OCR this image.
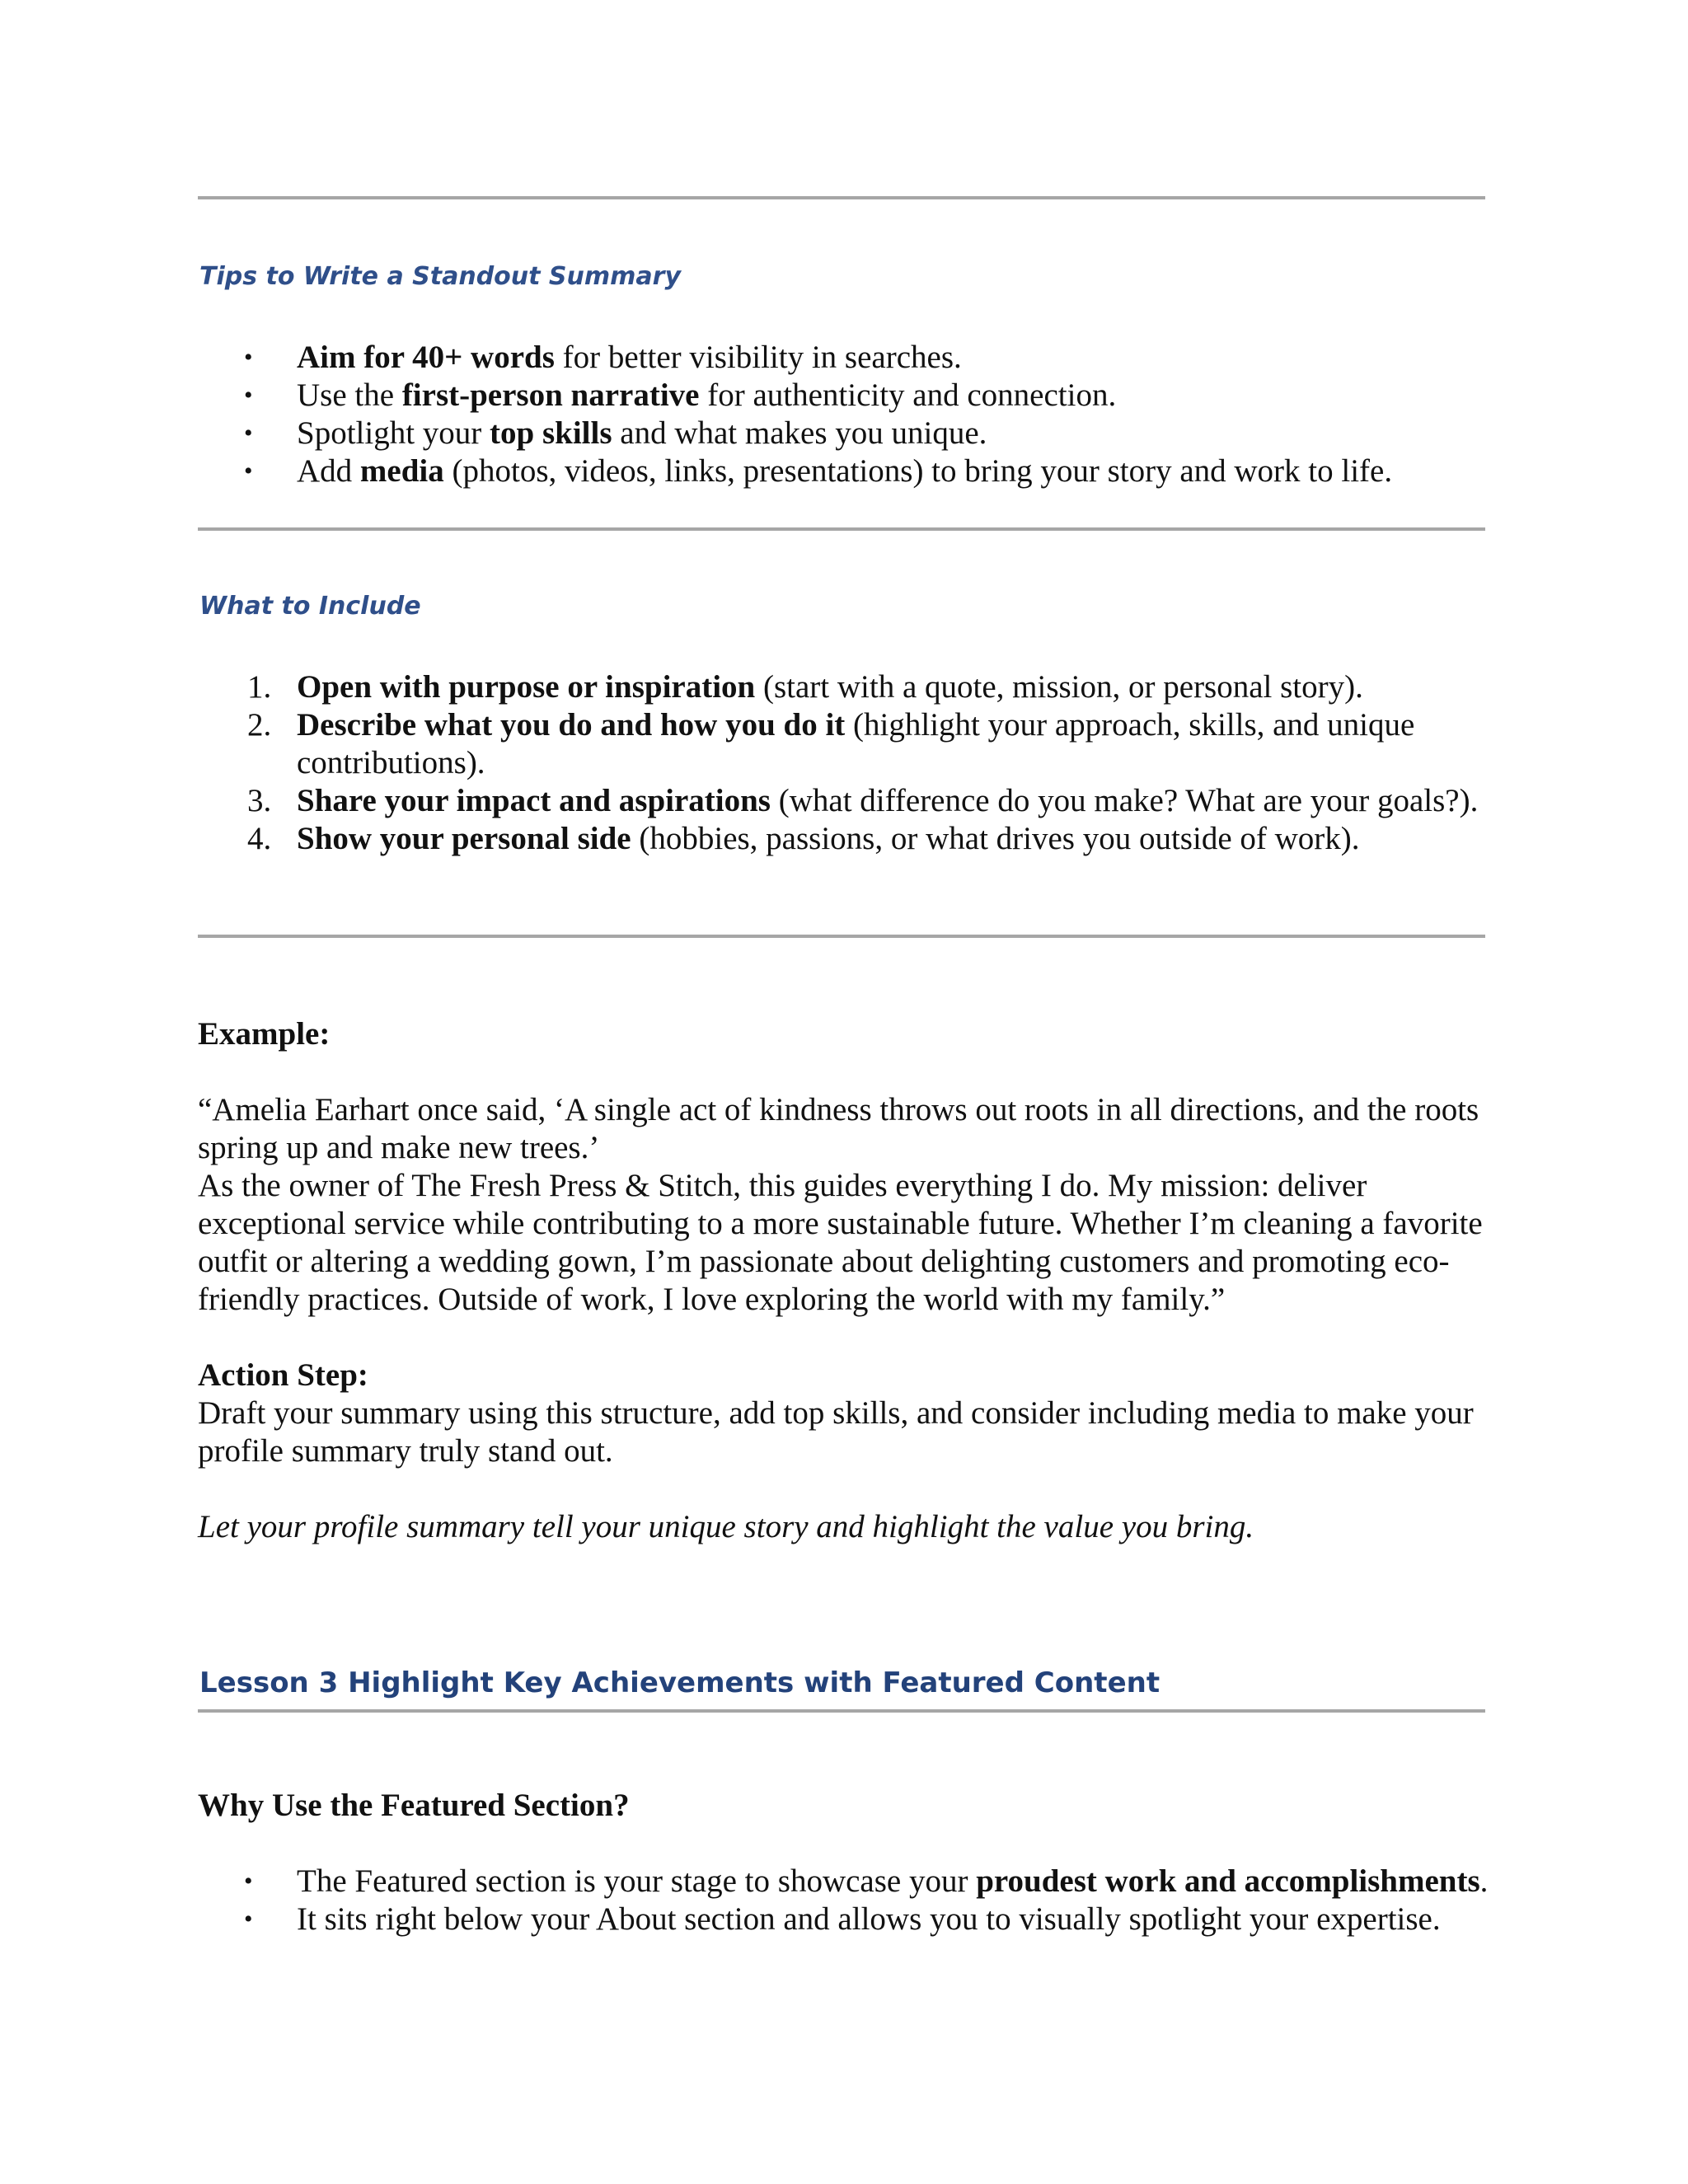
Tips to Write a Standout Summary
•	Aim for 40+ words for better visibility in searches.
•	Use the first-person narrative for authenticity and connection.
•	Spotlight your top skills and what makes you unique.
•	Add media (photos, videos, links, presentations) to bring your story and work to life.
What to Include
1. Open with purpose or inspiration (start with a quote, mission, or personal story).
2. Describe what you do and how you do it (highlight your approach, skills, and unique contributions).
3. Share your impact and aspirations (what difference do you make? What are your goals?).
4. Show your personal side (hobbies, passions, or what drives you outside of work).
Example:

“Amelia Earhart once said, ‘A single act of kindness throws out roots in all directions, and the roots spring up and make new trees.’

As the owner of The Fresh Press & Stitch, this guides everything I do. My mission: deliver exceptional service while contributing to a more sustainable future. Whether I’m cleaning a favorite outfit or altering a wedding gown, I’m passionate about delighting customers and promoting eco-friendly practices. Outside of work, I love exploring the world with my family.”

Action Step:

Draft your summary using this structure, add top skills, and consider including media to make your profile summary truly stand out.

Let your profile summary tell your unique story and highlight the value you bring.

Lesson 3 Highlight Key Achievements with Featured Content
Why Use the Featured Section?
•	The Featured section is your stage to showcase your proudest work and accomplishments.
•	It sits right below your About section and allows you to visually spotlight your expertise.
